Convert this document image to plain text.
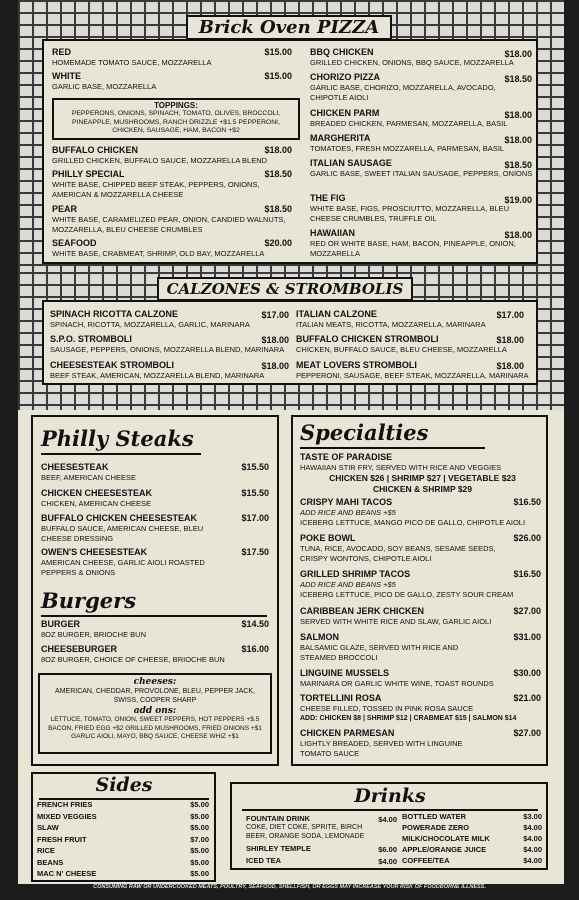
Brick Oven PIZZA
RED
HOMEMADE TOMATO SAUCE, MOZZARELLA
$15.00
WHITE
GARLIC BASE, MOZZARELLA
$15.00
TOPPINGS:
PEPPERONS, ONIONS, SPINACH, TOMATO, OLIVES, BROCCOLI, PINEAPPLE, MUSHROOMS, RANCH DRIZZLE +$1.5 PEPPERONI, CHICKEN, SAUSAGE, HAM, BACON +$2
BUFFALO CHICKEN
GRILLED CHICKEN, BUFFALO SAUCE, MOZZARELLA BLEND
$18.00
PHILLY SPECIAL
WHITE BASE, CHIPPED BEEF STEAK, PEPPERS, ONIONS, AMERICAN & MOZZARELLA CHEESE
$18.50
PEAR
WHITE BASE, CARAMELIZED PEAR, ONION, CANDIED WALNUTS, MOZZARELLA, BLEU CHEESE CRUMBLES
$18.50
SEAFOOD
WHITE BASE, CRABMEAT, SHRIMP, OLD BAY, MOZZARELLA
$20.00
BBQ CHICKEN
GRILLED CHICKEN, ONIONS, BBQ SAUCE, MOZZARELLA
$18.00
CHORIZO PIZZA
GARLIC BASE, CHORIZO, MOZZARELLA, AVOCADO, CHIPOTLE AIOLI
$18.50
CHICKEN PARM
BREADED CHICKEN, PARMESAN, MOZZARELLA, BASIL
$18.00
MARGHERITA
TOMATOES, FRESH MOZZARELLA, PARMESAN, BASIL
$18.00
ITALIAN SAUSAGE
GARLIC BASE, SWEET ITALIAN SAUSAGE, PEPPERS, ONIONS
$18.50
THE FIG
WHITE BASE, FIGS, PROSCIUTTO, MOZZARELLA, BLEU CHEESE CRUMBLES, TRUFFLE OIL
$19.00
HAWAIIAN
RED OR WHITE BASE, HAM, BACON, PINEAPPLE, ONION, MOZZARELLA
$18.00
CALZONES & STROMBOLIS
SPINACH RICOTTA CALZONE
SPINACH, RICOTTA, MOZZARELLA, GARLIC, MARINARA
$17.00
S.P.O. STROMBOLI
SAUSAGE, PEPPERS, ONIONS, MOZZARELLA BLEND, MARINARA
$18.00
CHEESESTEAK STROMBOLI
BEEF STEAK, AMERICAN, MOZZARELLA BLEND, MARINARA
$18.00
ITALIAN CALZONE
ITALIAN MEATS, RICOTTA, MOZZARELLA, MARINARA
$17.00
BUFFALO CHICKEN STROMBOLI
CHICKEN, BUFFALO SAUCE, BLEU CHEESE, MOZZARELLA
$18.00
MEAT LOVERS STROMBOLI
PEPPERONI, SAUSAGE, BEEF STEAK, MOZZARELLA, MARINARA
$18.00
Philly Steaks
CHEESESTEAK
BEEF, AMERICAN CHEESE
$15.50
CHICKEN CHEESESTEAK
CHICKEN, AMERICAN CHEESE
$15.50
BUFFALO CHICKEN CHEESESTEAK
BUFFALO SAUCE, AMERICAN CHEESE, BLEU CHEESE DRESSING
$17.00
OWEN'S CHEESESTEAK
AMERICAN CHEESE, GARLIC AIOLI ROASTED PEPPERS & ONIONS
$17.50
Burgers
BURGER
8OZ BURGER, BRIOCHE BUN
$14.50
CHEESEBURGER
8OZ BURGER, CHOICE OF CHEESE, BRIOCHE BUN
$16.00
cheeses:
AMERICAN, CHEDDAR, PROVOLONE, BLEU, PEPPER JACK, SWISS, COOPER SHARP
add ons:
LETTUCE, TOMATO, ONION, SWEET PEPPERS, HOT PEPPERS +$.5 BACON, FRIED EGG +$2 GRILLED MUSHROOMS, FRIED ONIONS +$1 GARLIC AIOLI, MAYO, BBQ SAUCE, CHEESE WHIZ +$1
Specialties
TASTE OF PARADISE
HAWAIIAN STIR FRY, SERVED WITH RICE AND VEGGIES
CHICKEN $26 | SHRIMP $27 | VEGETABLE $23
CHICKEN & SHRIMP $29
CRISPY MAHI TACOS
ADD RICE AND BEANS +$5
ICEBERG LETTUCE, MANGO PICO DE GALLO, CHIPOTLE AIOLI
$16.50
POKE BOWL
TUNA, RICE, AVOCADO, SOY BEANS, SESAME SEEDS, CRISPY WONTONS, CHIPOTLE AIOLI
$26.00
GRILLED SHRIMP TACOS
ADD RICE AND BEANS +$5
ICEBERG LETTUCE, PICO DE GALLO, ZESTY SOUR CREAM
$16.50
CARIBBEAN JERK CHICKEN
SERVED WITH WHITE RICE AND SLAW, GARLIC AIOLI
$27.00
SALMON
BALSAMIC GLAZE, SERVED WITH RICE AND STEAMED BROCCOLI
$31.00
LINGUINE MUSSELS
MARINARA OR GARLIC WHITE WINE, TOAST ROUNDS
$30.00
TORTELLINI ROSA
CHEESE FILLED, TOSSED IN PINK ROSA SAUCE
ADD: CHICKEN $8 | SHRIMP $12 | CRABMEAT $15 | SALMON $14
$21.00
CHICKEN PARMESAN
LIGHTLY BREADED, SERVED WITH LINGUINE TOMATO SAUCE
$27.00
Sides
FRENCH FRIES	$5.00
MIXED VEGGIES	$5.00
SLAW	$5.00
FRESH FRUIT	$7.00
RICE	$5.00
BEANS	$5.00
MAC N' CHEESE	$5.00
Drinks
FOUNTAIN DRINK
COKE, DIET COKE, SPRITE, BIRCH BEER, ORANGE SODA, LEMONADE
$4.00
SHIRLEY TEMPLE	$6.00
ICED TEA	$4.00
BOTTLED WATER	$3.00
POWERADE ZERO	$4.00
MILK/CHOCOLATE MILK	$4.00
APPLE/ORANGE JUICE	$4.00
COFFEE/TEA	$4.00
CONSUMING RAW OR UNDERCOOKED MEATS, POULTRY, SEAFOOD, SHELLFISH, OR EGGS MAY INCREASE YOUR RISK OF FOODBORNE ILLNESS.
